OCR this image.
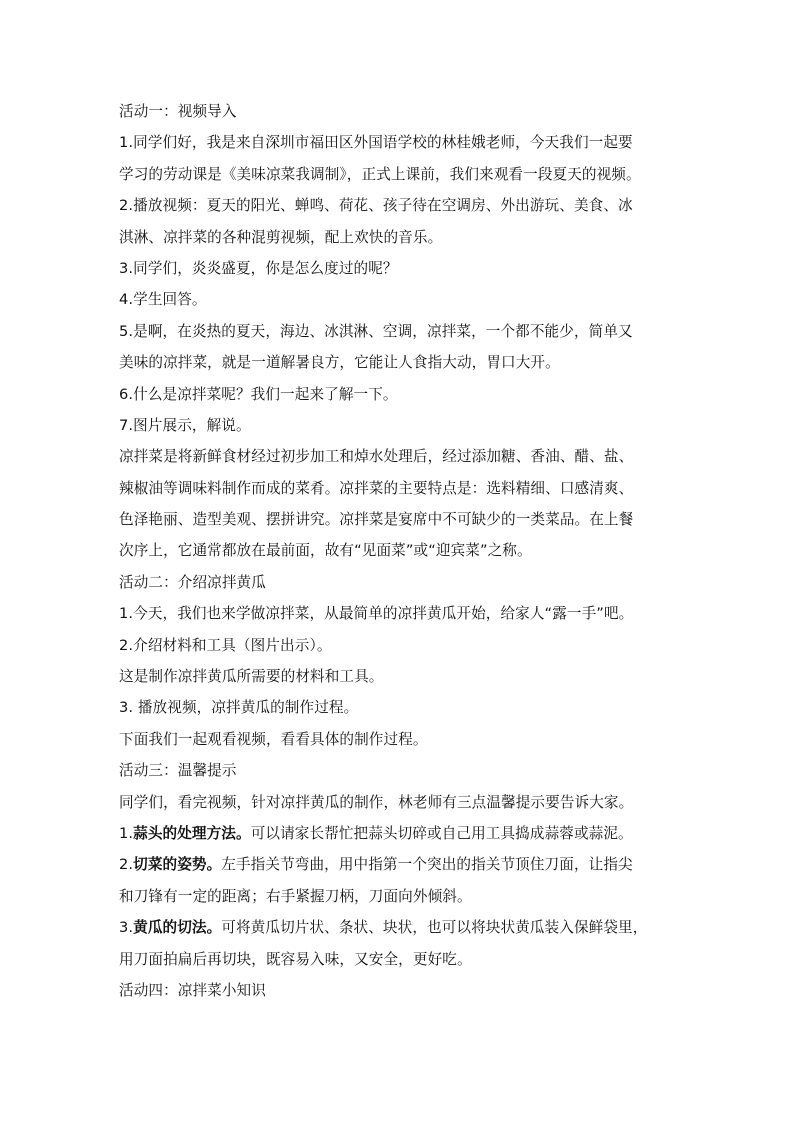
活动一：视频导入
1.同学们好，我是来自深圳市福田区外国语学校的林桂娥老师，今天我们一起要
学习的劳动课是《美味凉菜我调制》，正式上课前，我们来观看一段夏天的视频。
2.播放视频：夏天的阳光、蝉鸣、荷花、孩子待在空调房、外出游玩、美食、冰
淇淋、凉拌菜的各种混剪视频，配上欢快的音乐。
3.同学们，炎炎盛夏，你是怎么度过的呢？
4.学生回答。
5.是啊，在炎热的夏天，海边、冰淇淋、空调，凉拌菜，一个都不能少，简单又
美味的凉拌菜，就是一道解暑良方，它能让人食指大动，胃口大开。
6.什么是凉拌菜呢？我们一起来了解一下。
7.图片展示，解说。
凉拌菜是将新鲜食材经过初步加工和焯水处理后，经过添加糖、香油、醋、盐、
辣椒油等调味料制作而成的菜肴。凉拌菜的主要特点是：选料精细、口感清爽、
色泽艳丽、造型美观、摆拼讲究。凉拌菜是宴席中不可缺少的一类菜品。在上餐
次序上，它通常都放在最前面，故有“见面菜”或“迎宾菜”之称。
活动二：介绍凉拌黄瓜
1.今天，我们也来学做凉拌菜，从最简单的凉拌黄瓜开始，给家人“露一手”吧。
2.介绍材料和工具（图片出示）。
这是制作凉拌黄瓜所需要的材料和工具。
3. 播放视频，凉拌黄瓜的制作过程。
下面我们一起观看视频，看看具体的制作过程。
活动三：温馨提示
同学们，看完视频，针对凉拌黄瓜的制作，林老师有三点温馨提示要告诉大家。
1.蒜头的处理方法。可以请家长帮忙把蒜头切碎或自己用工具捣成蒜蓉或蒜泥。
2.切菜的姿势。左手指关节弯曲，用中指第一个突出的指关节顶住刀面，让指尖
和刀锋有一定的距离；右手紧握刀柄，刀面向外倾斜。
3.黄瓜的切法。可将黄瓜切片状、条状、块状，也可以将块状黄瓜装入保鲜袋里，
用刀面拍扁后再切块，既容易入味，又安全，更好吃。
活动四：凉拌菜小知识
